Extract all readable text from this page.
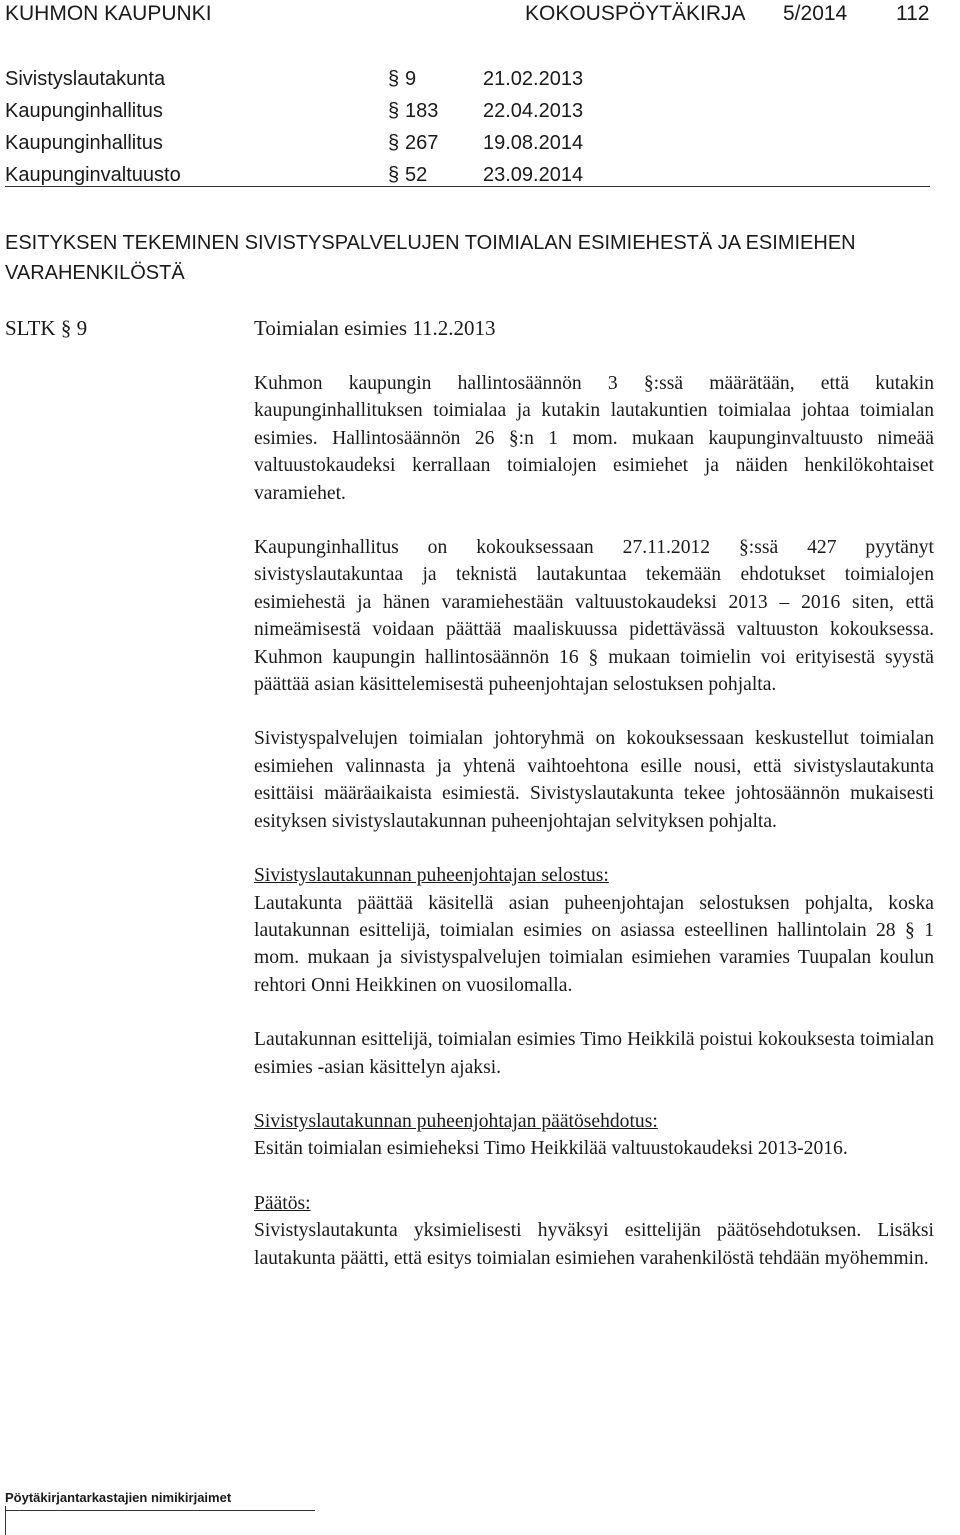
KUHMON KAUPUNKI	KOKOUSPÖYTÄKIRJA 5/2014 112
Sivistyslautakunta	§ 9	21.02.2013
Kaupunginhallitus	§ 183 22.04.2013
Kaupunginhallitus	§ 267 19.08.2014
Kaupunginvaltuusto	§ 52	23.09.2014
ESITYKSEN TEKEMINEN SIVISTYSPALVELUJEN TOIMIALAN ESIMIEHESTÄ JA ESIMIEHEN VARAHENKILÖSTÄ
SLTK § 9	Toimialan esimies 11.2.2013

Kuhmon kaupungin hallintosäännön 3 §:ssä määrätään, että kutakin kaupunginhallituksen toimialaa ja kutakin lautakuntien toimialaa johtaa toimialan esimies. Hallintosäännön 26 §:n 1 mom. mukaan kaupunginvaltuusto nimeää valtuustokaudeksi kerrallaan toimialojen esimiehet ja näiden henkilökohtaiset varamiehet.

Kaupunginhallitus on kokouksessaan 27.11.2012 §:ssä 427 pyytänyt sivistyslautakuntaa ja teknistä lautakuntaa tekemään ehdotukset toimialojen esimiehestä ja hänen varamiehestään valtuustokaudeksi 2013 – 2016 siten, että nimeämisestä voidaan päättää maaliskuussa pidettävässä valtuuston kokouksessa. Kuhmon kaupungin hallintosäännön 16 § mukaan toimielin voi erityisestä syystä päättää asian käsittelemisestä puheenjohtajan selostuksen pohjalta.

Sivistyspalvelujen toimialan johtoryhmä on kokouksessaan keskustellut toimialan esimiehen valinnasta ja yhtenä vaihtoehtona esille nousi, että sivistyslautakunta esittäisi määräaikaista esimiestä. Sivistyslautakunta tekee johtosäännön mukaisesti esityksen sivistyslautakunnan puheenjohtajan selvityksen pohjalta.

Sivistyslautakunnan puheenjohtajan selostus:

Lautakunta päättää käsitellä asian puheenjohtajan selostuksen pohjalta, koska lautakunnan esittelijä, toimialan esimies on asiassa esteellinen hallintolain 28 § 1 mom. mukaan ja sivistyspalvelujen toimialan esimiehen varamies Tuupalan koulun rehtori Onni Heikkinen on vuosilomalla.

Lautakunnan esittelijä, toimialan esimies Timo Heikkilä poistui kokouksesta toimialan esimies -asian käsittelyn ajaksi.

Sivistyslautakunnan puheenjohtajan päätösehdotus:

Esitän toimialan esimieheksi Timo Heikkilää valtuustokaudeksi 2013-2016.

Päätös:

Sivistyslautakunta yksimielisesti hyväksyi esittelijän päätösehdotuksen. Lisäksi lautakunta päätti, että esitys toimialan esimiehen varahenkilöstä tehdään myöhemmin.

Pöytäkirjantarkastajien nimikirjaimet
